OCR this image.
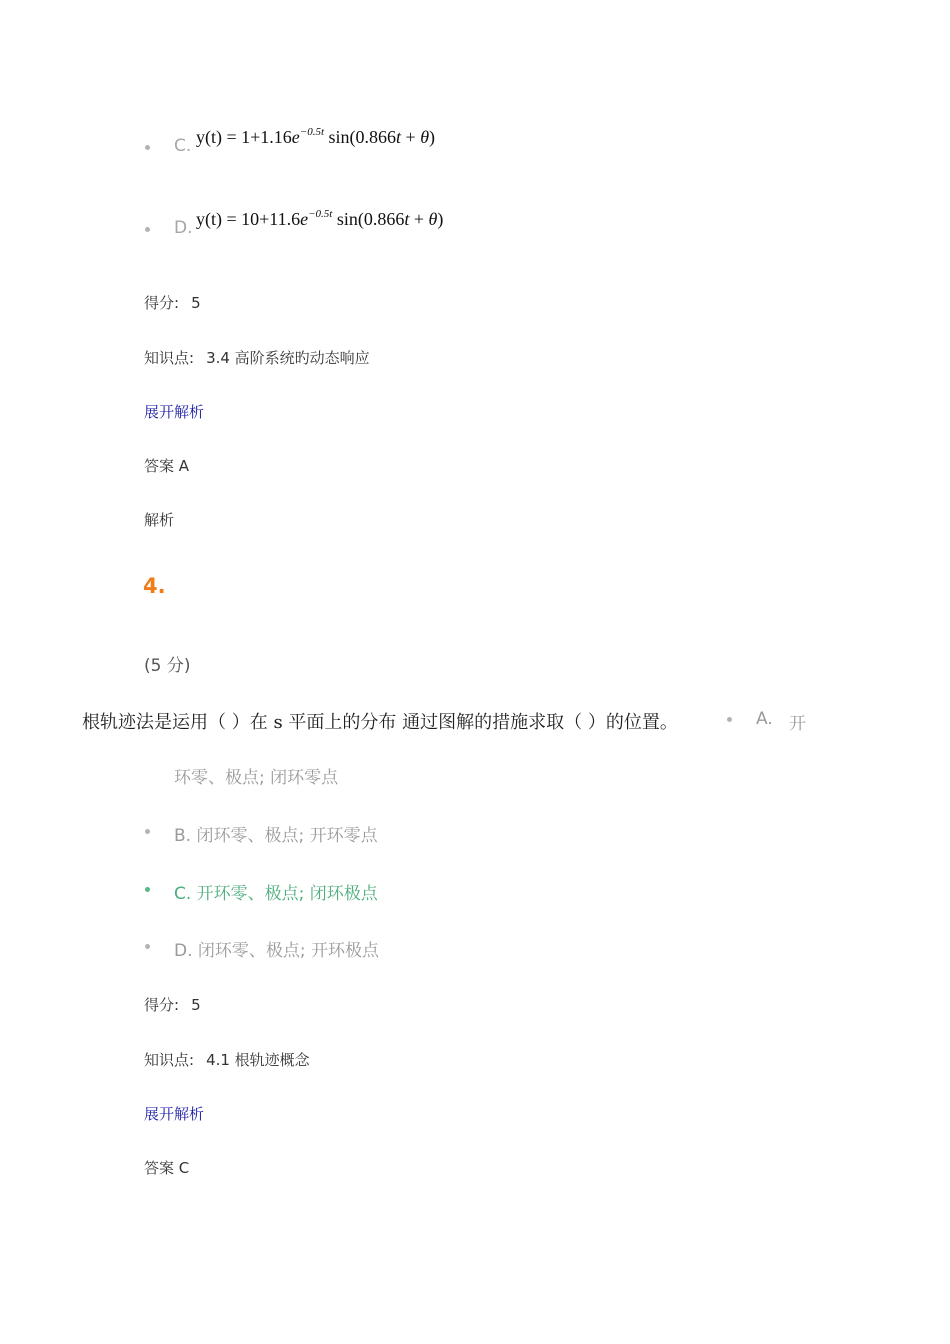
C. $y(t) = 1+1.16e^{-0.5t}$ sin(0.866t + θ)
D. $y(t) = 10+11.6e^{-0.5t}$ sin(0.866t + θ)
得分: 5
知识点: 3.4 高阶系统旳动态响应
展开解析
答案 A
解析
4.
(5 分)
根轨迹法是运用（ ）在 s 平面上的分布 通过图解的措施求取（ ）的位置。	A. 开
环零、极点; 闭环零点
B. 闭环零、极点; 开环零点
C. 开环零、极点; 闭环极点
D. 闭环零、极点; 开环极点
得分: 5
知识点: 4.1 根轨迹概念
展开解析
答案 C
